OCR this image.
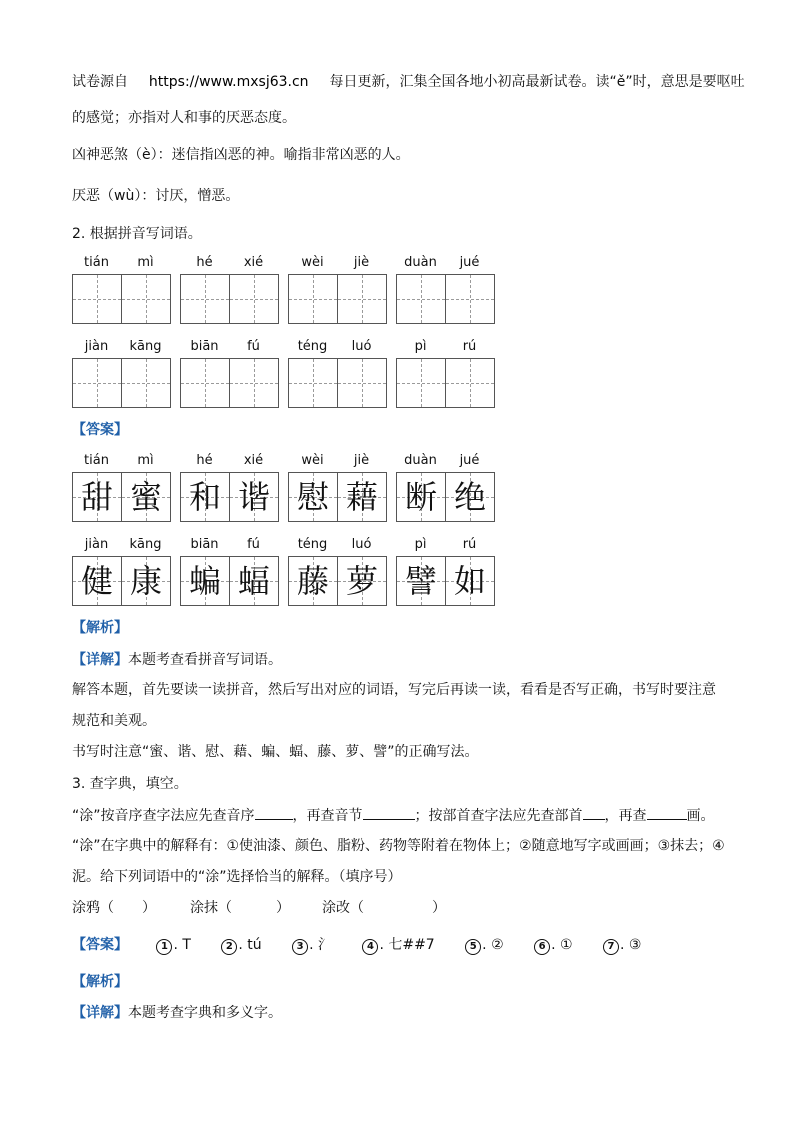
试卷源自 https://www.mxsj63.cn 每日更新，汇集全国各地小初高最新试卷。读“ě”时，意思是要呕吐
的感觉；亦指对人和事的厌恶态度。
凶神恶煞（è）：迷信指凶恶的神。喻指非常凶恶的人。
厌恶（wù）：讨厌，憎恶。
2. 根据拼音写词语。
tián	mì	hé	xié	wèi	jiè	duàn	jué
jiàn	kāng	biān	fú	téng	luó	pì	rú
【答案】
tián	mì
甜 蜜
hé	xié
和 谐
wèi	jiè
慰 藉
duàn	jué
断 绝
jiàn	kāng
健 康
biān	fú
蝙 蝠
téng	luó
藤 萝
pì	rú
譬 如
【解析】
【详解】本题考查看拼音写词语。
解答本题，首先要读一读拼音，然后写出对应的词语，写完后再读一读，看看是否写正确，书写时要注意
规范和美观。
书写时注意“蜜、谐、慰、藉、蝙、蝠、藤、萝、譬”的正确写法。
3. 查字典，填空。
“涂”按音序查字法应先查音序	，再查音节	；按部首查字法应先查部首 ，再查	画。
“涂”在字典中的解释有：①使油漆、颜色、脂粉、药物等附着在物体上；②随意地写字或画画；③抹去；④
泥。给下列词语中的“涂”选择恰当的解释。（填序号）
涂鸦（ ） 涂抹（	） 涂改（	）
【答案】	1 . T	2 . tú	3 . 氵	4 . 七##7	5 . ②	6 . ①	7 . ③
【解析】
【详解】本题考查字典和多义字。
